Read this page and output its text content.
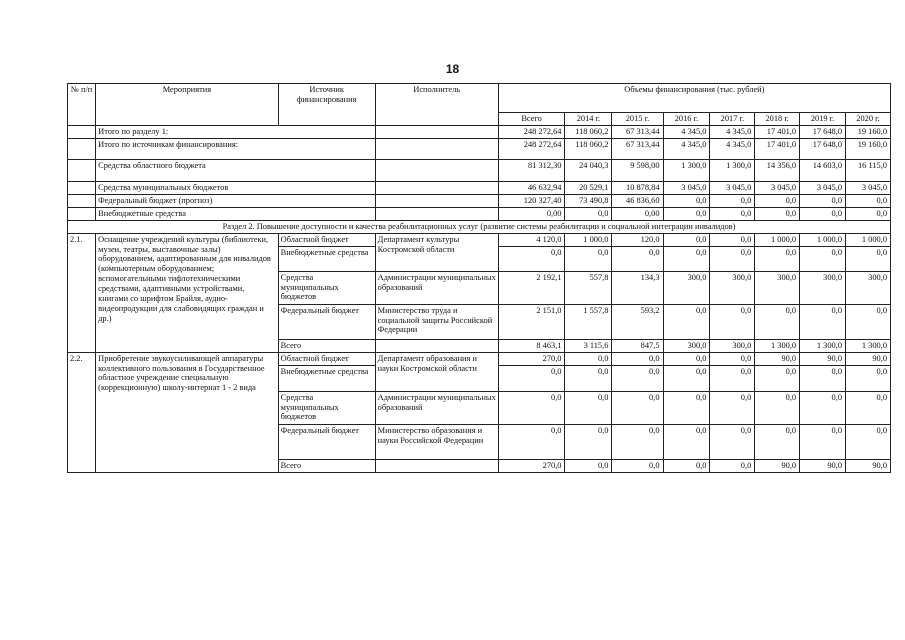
18
№ п/п	Мероприятия	Источник финансирования	Исполнитель	Объемы финансирования (тыс. рублей)							
				Всего	2014 г.	2015 г.	2016 г.	2017 г.	2018 г.	2019 г.	2020 г.
	Итого по разделу 1:			248 272,64	118 060,2	67 313,44	4 345,0	4 345,0	17 401,0	17 648,0	19 160,0
	Итого по источникам финансирования:			248 272,64	118 060,2	67 313,44	4 345,0	4 345,0	17 401,0	17 648,0	19 160,0
	Средства областного бюджета			81 312,30	24 040,3	9 598,00	1 300,0	1 300,0	14 356,0	14 603,0	16 115,0
	Средства муниципальных бюджетов			46 632,94	20 529,1	10 878,84	3 045,0	3 045,0	3 045,0	3 045,0	3 045,0
	Федеральный бюджет (прогноз)			120 327,40	73 490,8	46 836,60	0,0	0,0	0,0	0,0	0,0
	Внебюджетные средства			0,00	0,0	0,00	0,0	0,0	0,0	0,0	0,0
Раздел 2. Повышение доступности и качества реабилитационных услуг (развитие системы реабилитации и социальной интеграции инвалидов)											
2.1.	Оснащение учреждений культуры (библиотеки, музеи, театры, выставочные залы) оборудованием, адаптированным для инвалидов (компьютерным оборудованием; вспомогательными тифлотехническими средствами, адаптивными устройствами, книгами со шрифтом Брайля, аудио-видеопродукции для слабовидящих граждан и др.)	Областной бюджет	Департамент культуры Костромской области	4 120,0	1 000,0	120,0	0,0	0,0	1 000,0	1 000,0	1 000,0
		Внебюджетные средства		0,0	0,0	0,0	0,0	0,0	0,0	0,0	0,0
		Средства муниципальных бюджетов	Администрации муниципальных образований	2 192,1	557,8	134,3	300,0	300,0	300,0	300,0	300,0
		Федеральный бюджет	Министерство труда и социальной защиты Российской Федерации	2 151,0	1 557,8	593,2	0,0	0,0	0,0	0,0	0,0
		Всего		8 463,1	3 115,6	847,5	300,0	300,0	1 300,0	1 300,0	1 300,0
2.2.	Приобретение звукоусиливающей аппаратуры коллективного пользования в Государственное областное учреждение специальную (коррекционную) школу-интернат 1 - 2 вида	Областной бюджет	Департамент образования и науки Костромской области	270,0	0,0	0,0	0,0	0,0	90,0	90,0	90,0
		Внебюджетные средства		0,0	0,0	0,0	0,0	0,0	0,0	0,0	0,0
		Средства муниципальных бюджетов	Администрации муниципальных образований	0,0	0,0	0,0	0,0	0,0	0,0	0,0	0,0
		Федеральный бюджет	Министерство образования и науки Российской Федерации	0,0	0,0	0,0	0,0	0,0	0,0	0,0	0,0
		Всего		270,0	0,0	0,0	0,0	0,0	90,0	90,0	90,0
